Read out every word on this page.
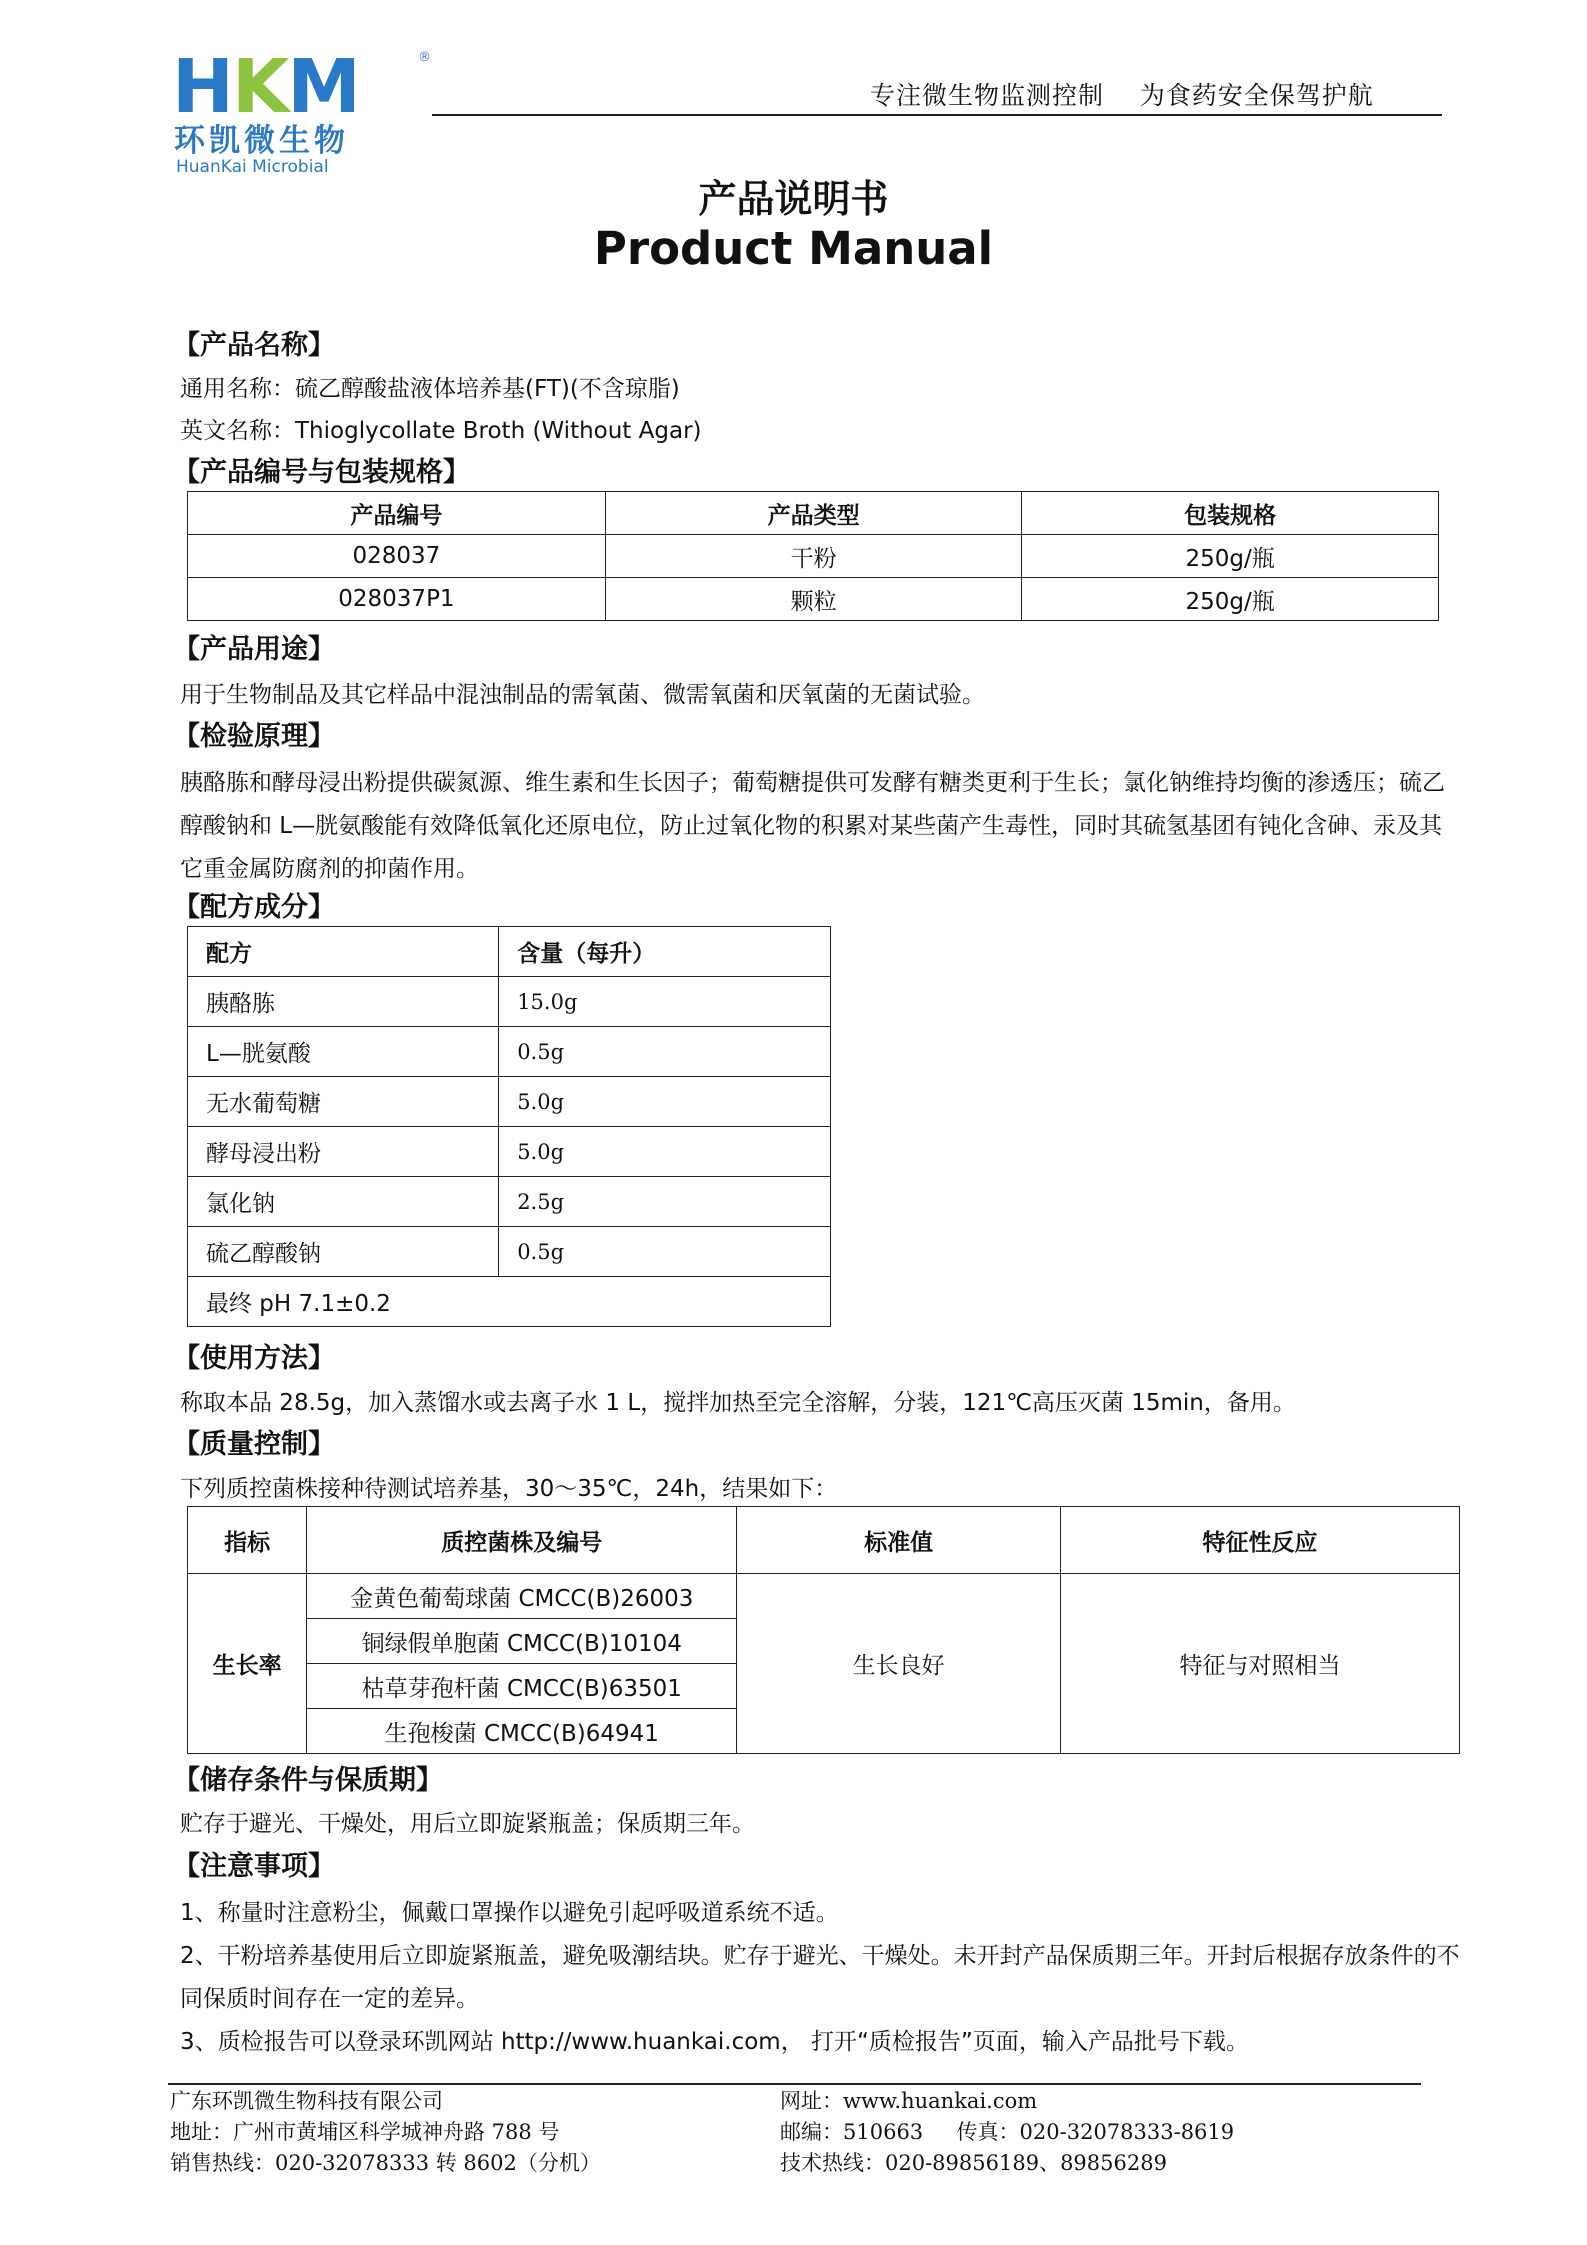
HKM	®
环凯微生物
HuanKai Microbial
专注微生物监测控制    为食药安全保驾护航
产品说明书
Product Manual
【产品名称】
通用名称：硫乙醇酸盐液体培养基(FT)(不含琼脂)
英文名称：Thioglycollate Broth (Without Agar)
【产品编号与包装规格】
产品编号	产品类型	包装规格
028037	干粉	250g/瓶
028037P1	颗粒	250g/瓶
【产品用途】
用于生物制品及其它样品中混浊制品的需氧菌、微需氧菌和厌氧菌的无菌试验。
【检验原理】
胰酪胨和酵母浸出粉提供碳氮源、维生素和生长因子；葡萄糖提供可发酵有糖类更利于生长；氯化钠维持均衡的渗透压；硫乙醇酸钠和 L—胱氨酸能有效降低氧化还原电位，防止过氧化物的积累对某些菌产生毒性，同时其硫氢基团有钝化含砷、汞及其它重金属防腐剂的抑菌作用。
【配方成分】
配方	含量（每升）
胰酪胨	15.0g
L—胱氨酸	0.5g
无水葡萄糖	5.0g
酵母浸出粉	5.0g
氯化钠	2.5g
硫乙醇酸钠	0.5g
最终 pH 7.1±0.2	
【使用方法】
称取本品 28.5g，加入蒸馏水或去离子水 1 L，搅拌加热至完全溶解，分装，121℃高压灭菌 15min，备用。
【质量控制】
下列质控菌株接种待测试培养基，30～35℃，24h，结果如下：
指标	质控菌株及编号	标准值	特征性反应
生长率	金黄色葡萄球菌 CMCC(B)26003	生长良好	特征与对照相当
	铜绿假单胞菌 CMCC(B)10104		
	枯草芽孢杆菌 CMCC(B)63501		
	生孢梭菌 CMCC(B)64941		
【储存条件与保质期】
贮存于避光、干燥处，用后立即旋紧瓶盖；保质期三年。
【注意事项】
1、称量时注意粉尘，佩戴口罩操作以避免引起呼吸道系统不适。
2、干粉培养基使用后立即旋紧瓶盖，避免吸潮结块。贮存于避光、干燥处。未开封产品保质期三年。开封后根据存放条件的不同保质时间存在一定的差异。
3、质检报告可以登录环凯网站 http://www.huankai.com， 打开“质检报告”页面，输入产品批号下载。
广东环凯微生物科技有限公司
地址：广州市黄埔区科学城神舟路 788 号
销售热线：020-32078333 转 8602（分机）
网址：www.huankai.com
邮编：510663     传真：020-32078333-8619
技术热线：020-89856189、89856289
